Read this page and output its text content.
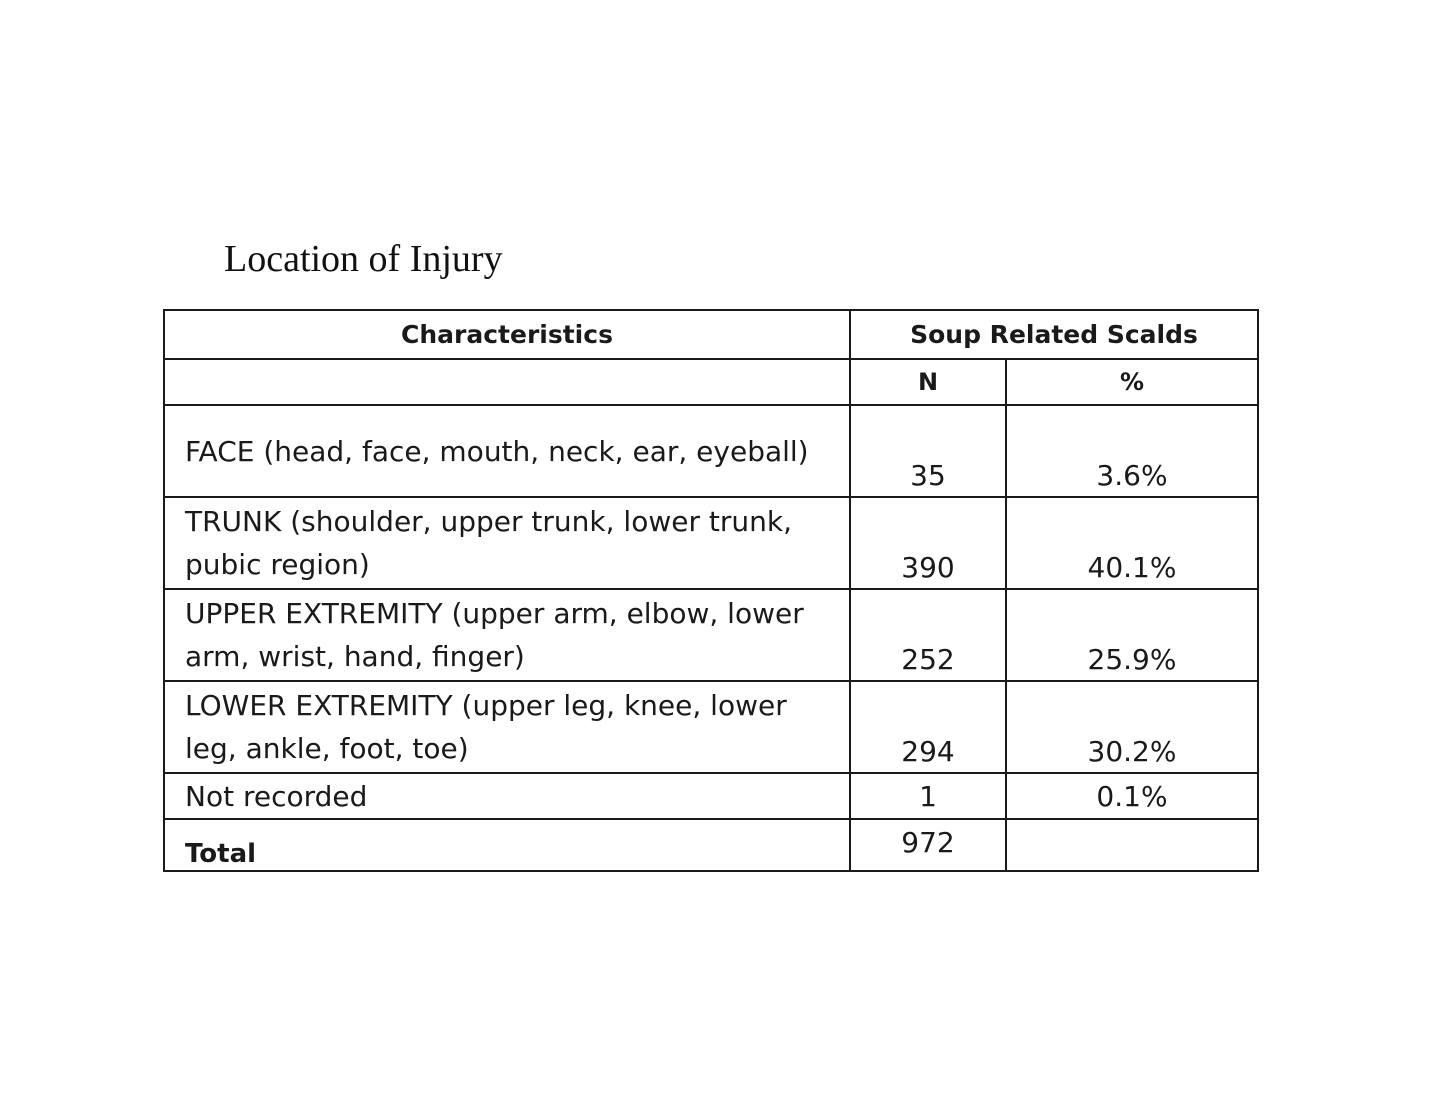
Location of Injury
Characteristics	Soup Related Scalds	
	N	%
FACE (head, face, mouth, neck, ear, eyeball)	35	3.6%
TRUNK (shoulder, upper trunk, lower trunk, pubic region)	390	40.1%
UPPER EXTREMITY (upper arm, elbow, lower arm, wrist, hand, finger)	252	25.9%
LOWER EXTREMITY (upper leg, knee, lower leg, ankle, foot, toe)	294	30.2%
Not recorded	1	0.1%
Total	972	
